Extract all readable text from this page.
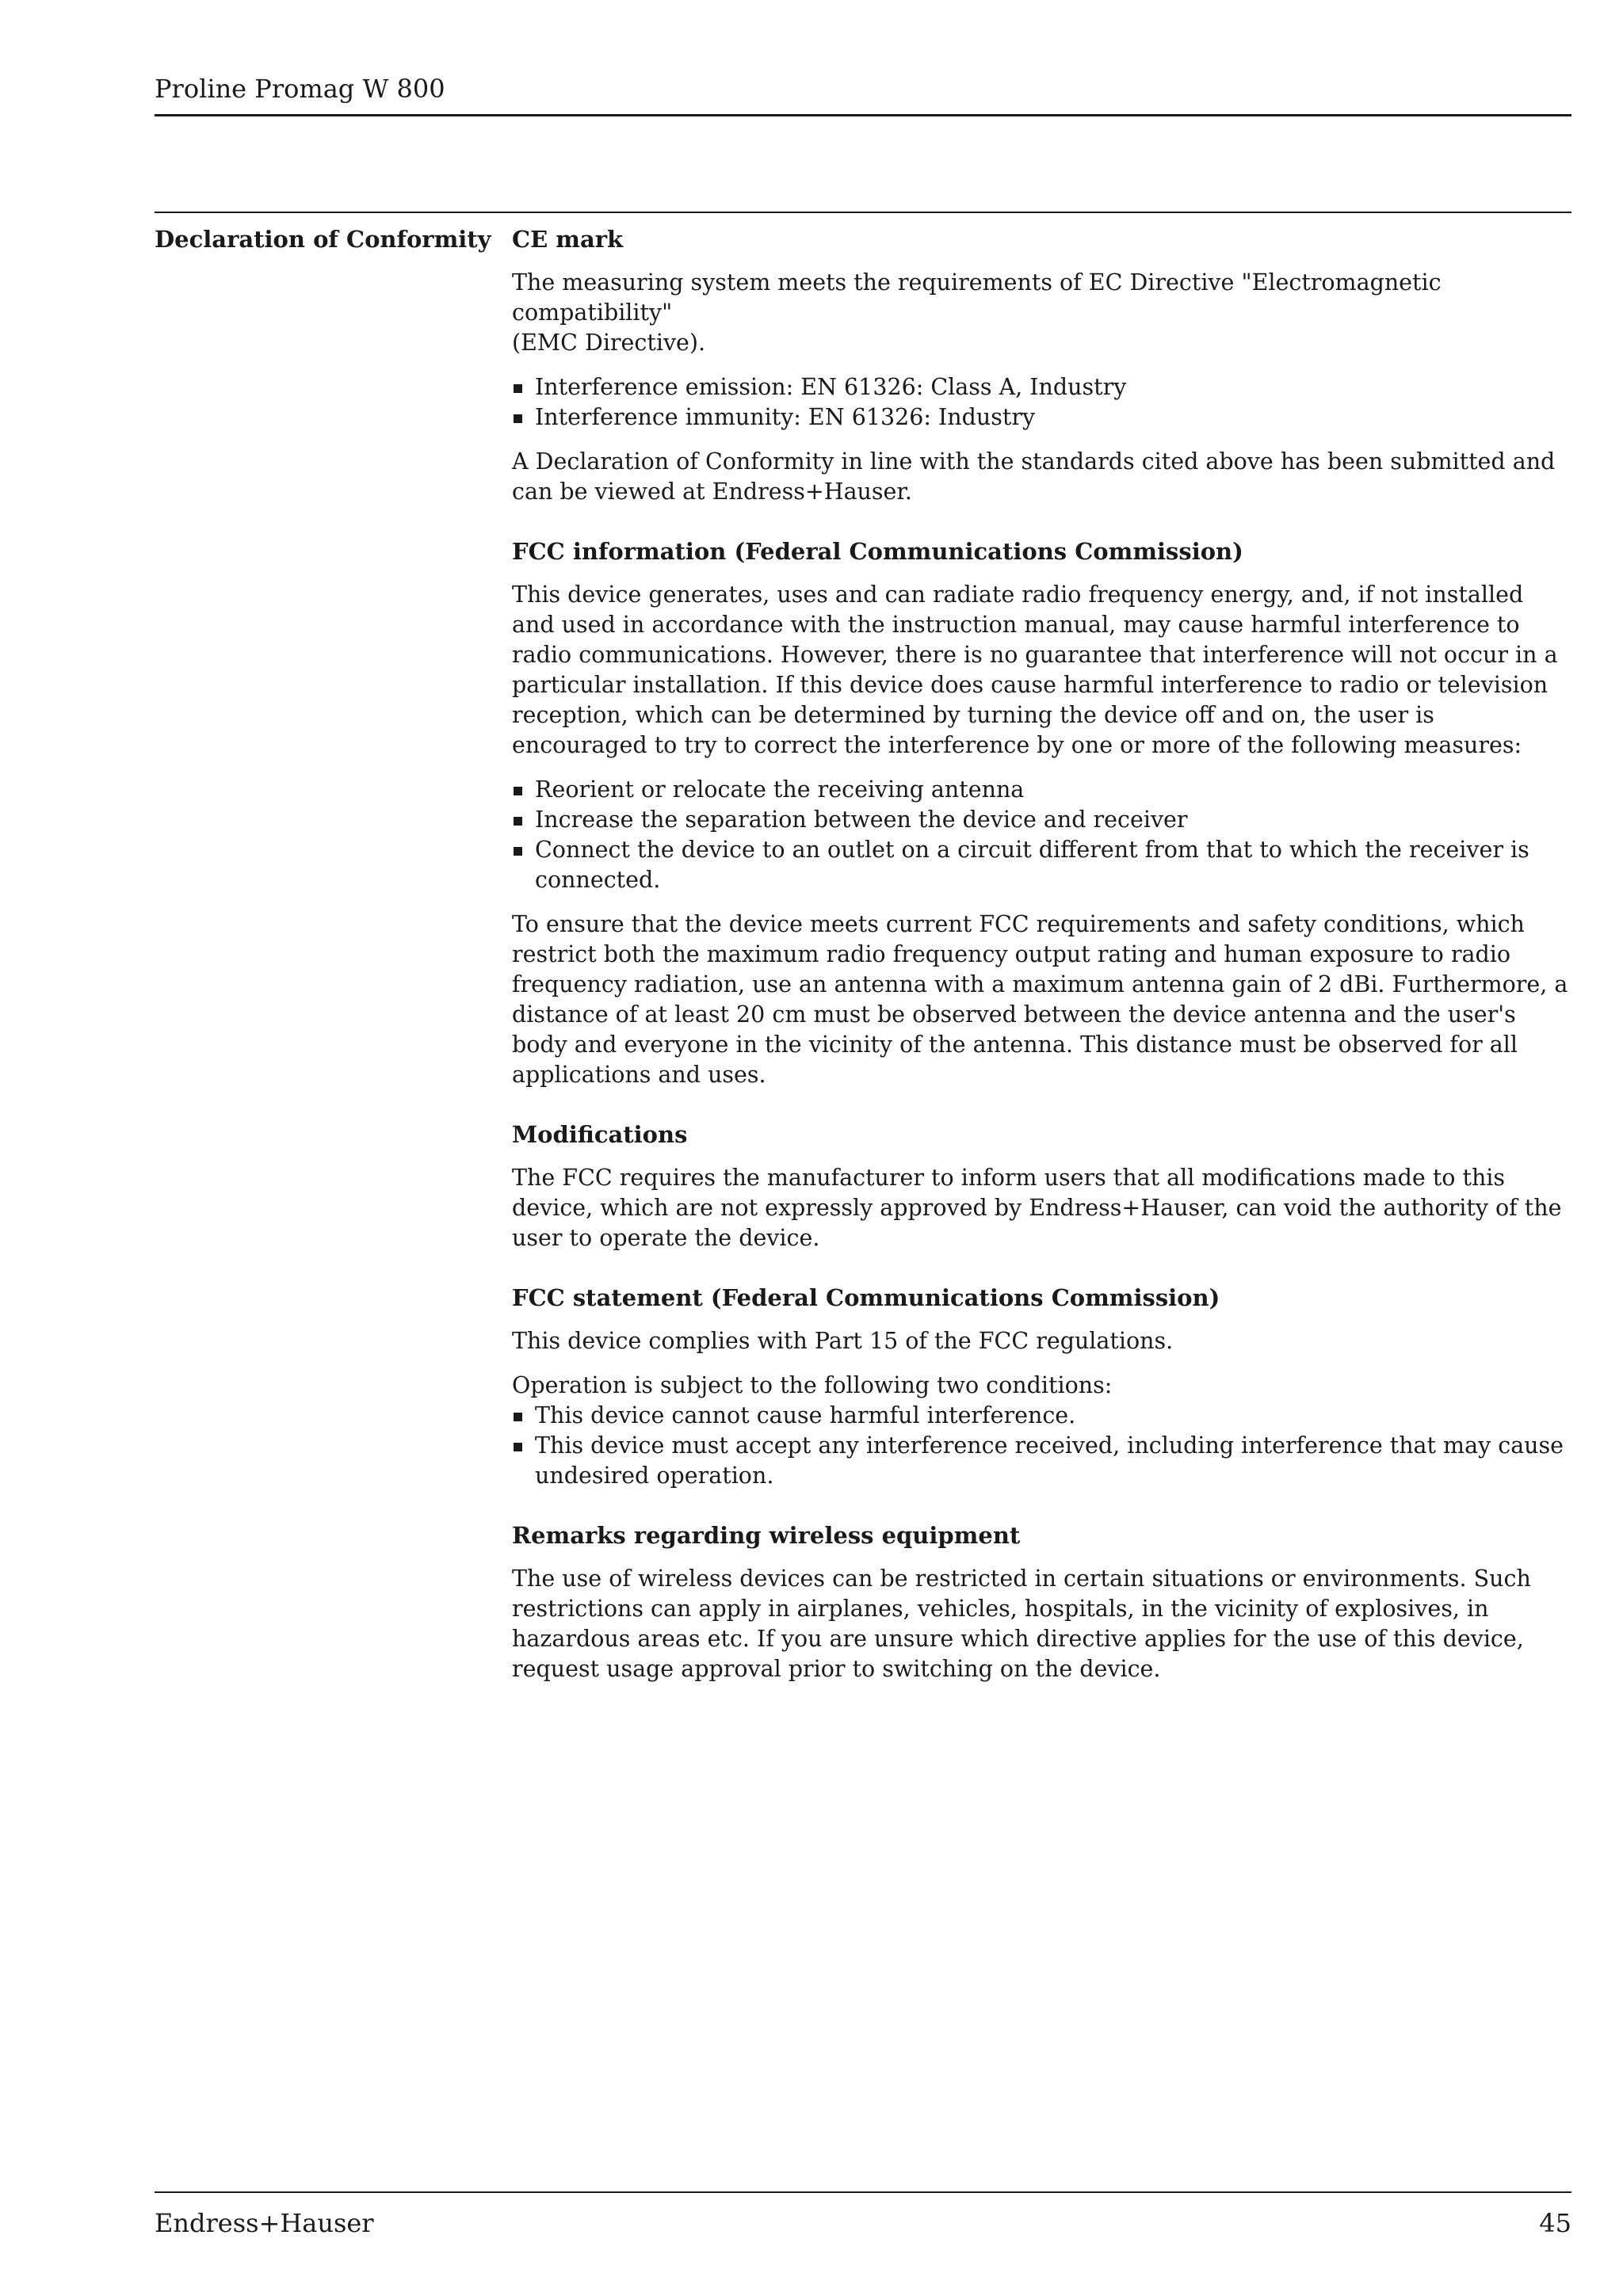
Proline Promag W 800
Declaration of Conformity CE mark

The measuring system meets the requirements of EC Directive "Electromagnetic compatibility"
(EMC Directive).

Interference emission: EN 61326: Class A, Industry
Interference immunity: EN 61326: Industry

A Declaration of Conformity in line with the standards cited above has been submitted and can be viewed at Endress+Hauser.

FCC information (Federal Communications Commission)

This device generates, uses and can radiate radio frequency energy, and, if not installed and used in accordance with the instruction manual, may cause harmful interference to radio communications. However, there is no guarantee that interference will not occur in a particular installation. If this device does cause harmful interference to radio or television reception, which can be determined by turning the device off and on, the user is encouraged to try to correct the interference by one or more of the following measures:

Reorient or relocate the receiving antenna
Increase the separation between the device and receiver
Connect the device to an outlet on a circuit different from that to which the receiver is connected.

To ensure that the device meets current FCC requirements and safety conditions, which restrict both the maximum radio frequency output rating and human exposure to radio frequency radiation, use an antenna with a maximum antenna gain of 2 dBi. Furthermore, a distance of at least 20 cm must be observed between the device antenna and the user's body and everyone in the vicinity of the antenna. This distance must be observed for all applications and uses.

Modifications

The FCC requires the manufacturer to inform users that all modifications made to this device, which are not expressly approved by Endress+Hauser, can void the authority of the user to operate the device.

FCC statement (Federal Communications Commission)

This device complies with Part 15 of the FCC regulations.

Operation is subject to the following two conditions:

This device cannot cause harmful interference.
This device must accept any interference received, including interference that may cause undesired operation.
Remarks regarding wireless equipment

The use of wireless devices can be restricted in certain situations or environments. Such restrictions can apply in airplanes, vehicles, hospitals, in the vicinity of explosives, in hazardous areas etc. If you are unsure which directive applies for the use of this device, request usage approval prior to switching on the device.

Endress+Hauser	45
